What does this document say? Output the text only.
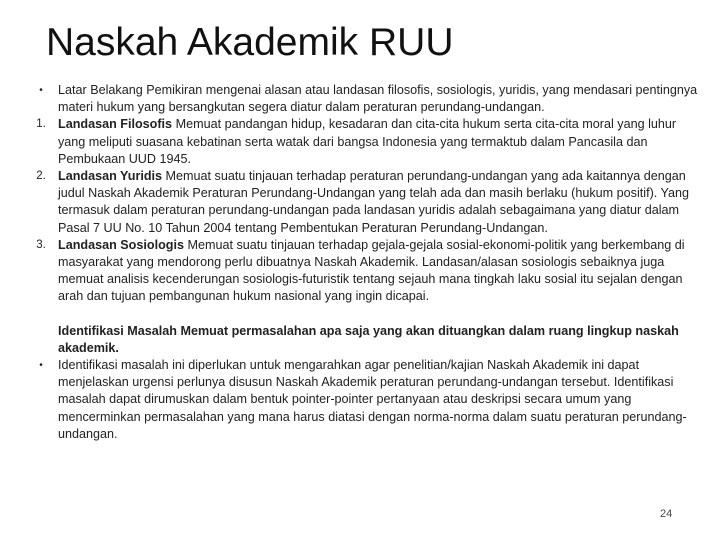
Naskah Akademik RUU
•	Latar Belakang Pemikiran mengenai alasan atau landasan filosofis, sosiologis, yuridis, yang mendasari pentingnya materi hukum yang bersangkutan segera diatur dalam peraturan perundang-undangan.
1. Landasan Filosofis Memuat pandangan hidup, kesadaran dan cita-cita hukum serta cita-cita moral yang luhur yang meliputi suasana kebatinan serta watak dari bangsa Indonesia yang termaktub dalam Pancasila dan Pembukaan UUD 1945.
2. Landasan Yuridis Memuat suatu tinjauan terhadap peraturan perundang-undangan yang ada kaitannya dengan judul Naskah Akademik Peraturan Perundang-Undangan yang telah ada dan masih berlaku (hukum positif). Yang termasuk dalam peraturan perundang-undangan pada landasan yuridis adalah sebagaimana yang diatur dalam Pasal 7 UU No. 10 Tahun 2004 tentang Pembentukan Peraturan Perundang-Undangan.
3. Landasan Sosiologis Memuat suatu tinjauan terhadap gejala-gejala sosial-ekonomi-politik yang berkembang di masyarakat yang mendorong perlu dibuatnya Naskah Akademik. Landasan/alasan sosiologis sebaiknya juga memuat analisis kecenderungan sosiologis-futuristik tentang sejauh mana tingkah laku sosial itu sejalan dengan arah dan tujuan pembangunan hukum nasional yang ingin dicapai.
•
Identifikasi Masalah Memuat permasalahan apa saja yang akan dituangkan dalam ruang lingkup naskah akademik.
Identifikasi masalah ini diperlukan untuk mengarahkan agar penelitian/kajian Naskah Akademik ini dapat menjelaskan urgensi perlunya disusun Naskah Akademik peraturan perundang-undangan tersebut. Identifikasi masalah dapat dirumuskan dalam bentuk pointer-pointer pertanyaan atau deskripsi secara umum yang mencerminkan permasalahan yang mana harus diatasi dengan norma-norma dalam suatu peraturan perundang-undangan.
24
